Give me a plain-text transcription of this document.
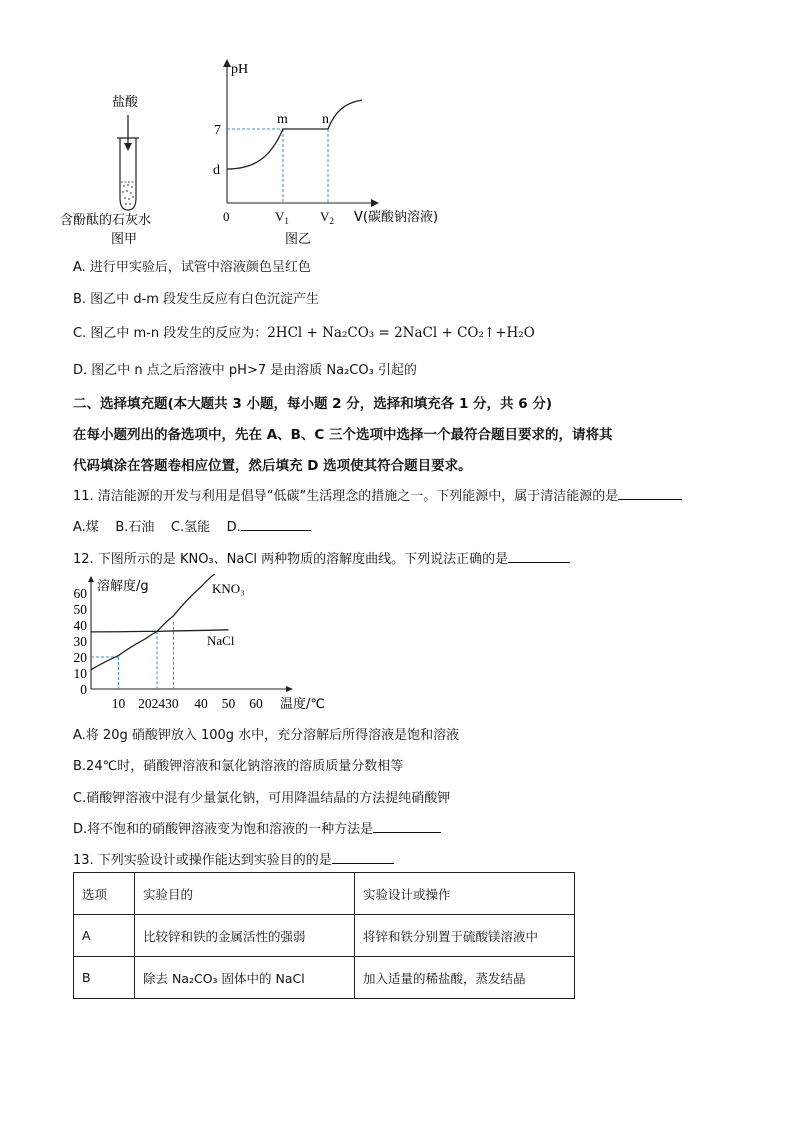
盐酸
含酚酞的石灰水
图甲
pH
7
d
0
m n
$V_1$ $V_2$ V(碳酸钠溶液)
图乙
A. 进行甲实验后，试管中溶液颜色呈红色
B. 图乙中 d-m 段发生反应有白色沉淀产生
C. 图乙中 m-n 段发生的反应为：2HCl + Na₂CO₃ = 2NaCl + CO₂↑+H₂O
D. 图乙中 n 点之后溶液中 pH>7 是由溶质 Na₂CO₃ 引起的
二、选择填充题(本大题共 3 小题，每小题 2 分，选择和填充各 1 分，共 6 分)
在每小题列出的备选项中，先在 A、B、C 三个选项中选择一个最符合题目要求的，请将其
代码填涂在答题卷相应位置，然后填充 D 选项使其符合题目要求。
11. 清洁能源的开发与利用是倡导“低碳”生活理念的措施之一。下列能源中，属于清洁能源的是
A.煤    B.石油    C.氢能    D.
12. 下图所示的是 KNO₃、NaCl 两种物质的溶解度曲线。下列说法正确的是
溶解度/g
温度/℃
60
50
40
30
20
10
0
10 202430 40 50 60
KNO₃
NaCl
A.将 20g 硝酸钾放入 100g 水中，充分溶解后所得溶液是饱和溶液
B.24℃时，硝酸钾溶液和氯化钠溶液的溶质质量分数相等
C.硝酸钾溶液中混有少量氯化钠，可用降温结晶的方法提纯硝酸钾
D.将不饱和的硝酸钾溶液变为饱和溶液的一种方法是
13. 下列实验设计或操作能达到实验目的的是
选项	实验目的	实验设计或操作
A	比较锌和铁的金属活性的强弱	将锌和铁分别置于硫酸镁溶液中
B	除去 Na₂CO₃ 固体中的 NaCl	加入适量的稀盐酸，蒸发结晶
